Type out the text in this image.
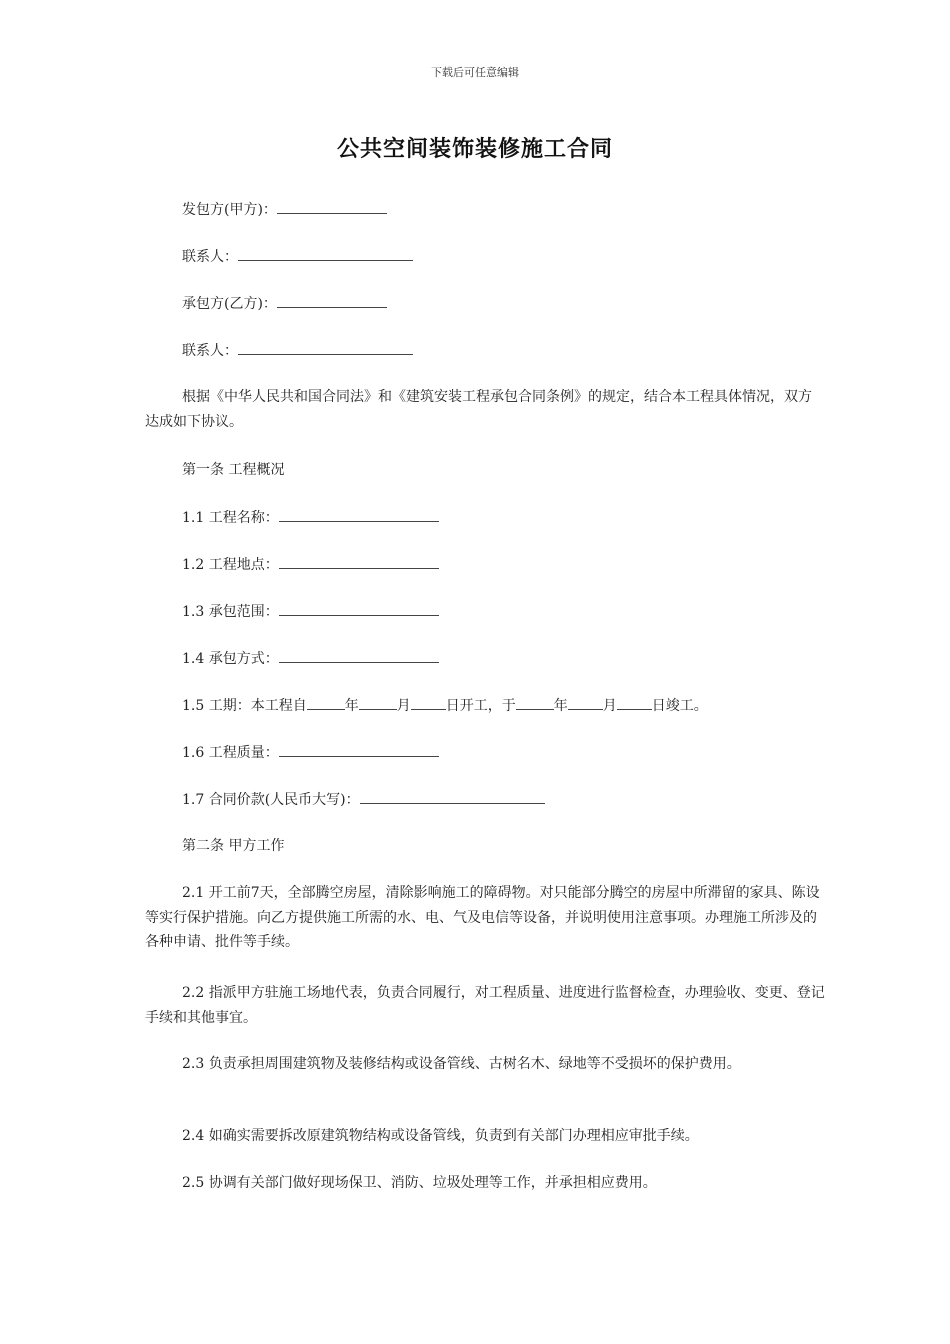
下载后可任意编辑
公共空间装饰装修施工合同
发包方(甲方)：
联系人：
承包方(乙方)：
联系人：
根据《中华人民共和国合同法》和《建筑安装工程承包合同条例》的规定，结合本工程具体情况，双方达成如下协议。
第一条 工程概况
1.1 工程名称：
1.2 工程地点：
1.3 承包范围：
1.4 承包方式：
1.5 工期：本工程自	年	月	日开工，于	年	月	日竣工。
1.6 工程质量：
1.7 合同价款(人民币大写)：
第二条 甲方工作
2.1 开工前7天，全部腾空房屋，清除影响施工的障碍物。对只能部分腾空的房屋中所滞留的家具、陈设等实行保护措施。向乙方提供施工所需的水、电、气及电信等设备，并说明使用注意事项。办理施工所涉及的各种申请、批件等手续。
2.2 指派甲方驻施工场地代表，负责合同履行，对工程质量、进度进行监督检查，办理验收、变更、登记手续和其他事宜。
2.3 负责承担周围建筑物及装修结构或设备管线、古树名木、绿地等不受损坏的保护费用。
2.4 如确实需要拆改原建筑物结构或设备管线，负责到有关部门办理相应审批手续。
2.5 协调有关部门做好现场保卫、消防、垃圾处理等工作，并承担相应费用。
